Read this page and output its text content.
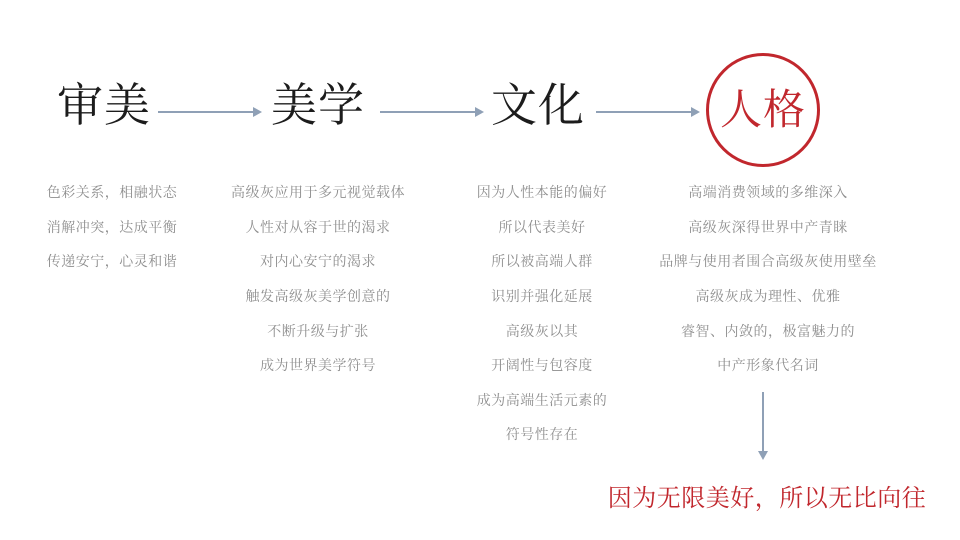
审美
色彩关系，相融状态
消解冲突，达成平衡
传递安宁，心灵和谐
美学
高级灰应用于多元视觉载体
人性对从容于世的渴求
对内心安宁的渴求
触发高级灰美学创意的
不断升级与扩张
成为世界美学符号
文化
因为人性本能的偏好
所以代表美好
所以被高端人群
识别并强化延展
高级灰以其
开阔性与包容度
成为高端生活元素的
符号性存在
人格
高端消费领域的多维深入
高级灰深得世界中产青睐
品牌与使用者围合高级灰使用壁垒
高级灰成为理性、优雅
睿智、内敛的，极富魅力的
中产形象代名词
因为无限美好，所以无比向往
